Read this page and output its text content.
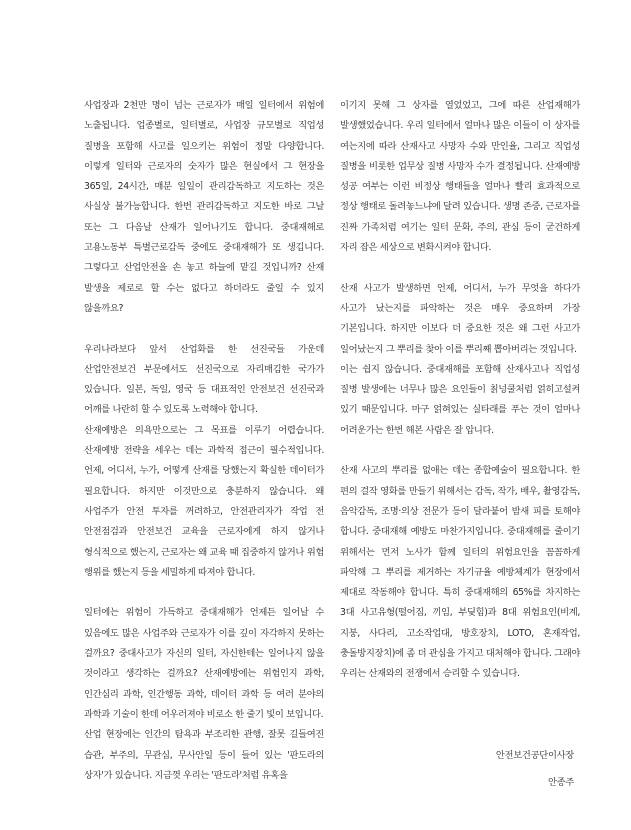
사업장과 2천만 명이 넘는 근로자가 매일 일터에서 위험에 노출됩니다. 업종별로, 일터별로, 사업장 규모별로 직업성 질병을 포함해 사고를 일으키는 위험이 정말 다양합니다. 이렇게 일터와 근로자의 숫자가 많은 현실에서 그 현장을 365일, 24시간, 매분 일일이 관리감독하고 지도하는 것은 사실상 불가능합니다. 한번 관리감독하고 지도한 바로 그날 또는 그 다음날 산재가 일어나기도 합니다. 중대재해로 고용노동부 특별근로감독 중에도 중대재해가 또 생깁니다. 그렇다고 산업안전을 손 놓고 하늘에 맡길 것입니까? 산재 발생을 제로로 할 수는 없다고 하더라도 줄일 수 있지 않을까요?

우리나라보다 앞서 산업화를 한 선진국들 가운데 산업안전보건 부문에서도 선진국으로 자리매김한 국가가 있습니다. 일본, 독일, 영국 등 대표적인 안전보건 선진국과 어깨를 나란히 할 수 있도록 노력해야 합니다.

산재예방은 의욕만으로는 그 목표를 이루기 어렵습니다. 산재예방 전략을 세우는 데는 과학적 접근이 필수적입니다. 언제, 어디서, 누가, 어떻게 산재를 당했는지 확실한 데이터가 필요합니다. 하지만 이것만으로 충분하지 않습니다. 왜 사업주가 안전 투자를 꺼려하고, 안전관리자가 작업 전 안전점검과 안전보건 교육을 근로자에게 하지 않거나 형식적으로 했는지, 근로자는 왜 교육 때 집중하지 않거나 위험 행위를 했는지 등을 세밀하게 따져야 합니다.

일터에는 위험이 가득하고 중대재해가 언제든 일어날 수 있음에도 많은 사업주와 근로자가 이를 깊이 자각하지 못하는 걸까요? 중대사고가 자신의 일터, 자신한테는 일어나지 않을 것이라고 생각하는 걸까요? 산재예방에는 위험인지 과학, 인간심리 과학, 인간행동 과학, 데이터 과학 등 여러 분야의 과학과 기술이 한데 어우러져야 비로소 한 줄기 빛이 보입니다.

산업 현장에는 인간의 탐욕과 부조리한 관행, 잘못 길들여진 습관, 부주의, 무관심, 무사안일 등이 들어 있는 '판도라의 상자'가 있습니다. 지금껏 우리는 '판도라'처럼 유혹을

이기지 못해 그 상자를 열었었고, 그에 따른 산업재해가 발생했었습니다. 우리 일터에서 얼마나 많은 이들이 이 상자를 여는지에 따라 산재사고 사망자 수와 만인율, 그리고 직업성 질병을 비롯한 업무상 질병 사망자 수가 결정됩니다. 산재예방 성공 여부는 이런 비정상 행태들을 얼마나 빨리 효과적으로 정상 행태로 돌려놓느냐에 달려 있습니다. 생명 존중, 근로자를 진짜 가족처럼 여기는 일터 문화, 주의, 관심 등이 굳건하게 자리 잡은 세상으로 변화시켜야 합니다.

산재 사고가 발생하면 언제, 어디서, 누가 무엇을 하다가 사고가 났는지를 파악하는 것은 매우 중요하며 가장 기본입니다. 하지만 이보다 더 중요한 것은 왜 그런 사고가 일어났는지 그 뿌리를 찾아 이를 뿌리째 뽑아버리는 것입니다.

이는 쉽지 않습니다. 중대재해를 포함해 산재사고나 직업성 질병 발생에는 너무나 많은 요인들이 칡넝쿨처럼 얽히고설켜 있기 때문입니다. 마구 얽혀있는 실타래를 푸는 것이 얼마나 어려운가는 한번 해본 사람은 잘 압니다.

산재 사고의 뿌리를 없애는 데는 종합예술이 필요합니다. 한 편의 걸작 영화를 만들기 위해서는 감독, 작가, 배우, 촬영감독, 음악감독, 조명·의상 전문가 등이 달라붙어 밤새 피를 토해야 합니다. 중대재해 예방도 마찬가지입니다. 중대재해를 줄이기 위해서는 먼저 노사가 함께 일터의 위험요인을 꼼꼼하게 파악해 그 뿌리를 제거하는 자기규율 예방체계가 현장에서 제대로 작동해야 합니다. 특히 중대재해의 65%를 차지하는 3대 사고유형(떨어짐, 끼임, 부딪힘)과 8대 위험요인(비계, 지붕, 사다리, 고소작업대, 방호장치, LOTO, 혼재작업, 충돌방지장치)에 좀 더 관심을 가지고 대처해야 합니다. 그래야 우리는 산재와의 전쟁에서 승리할 수 있습니다.

안전보건공단이사장
안종주
